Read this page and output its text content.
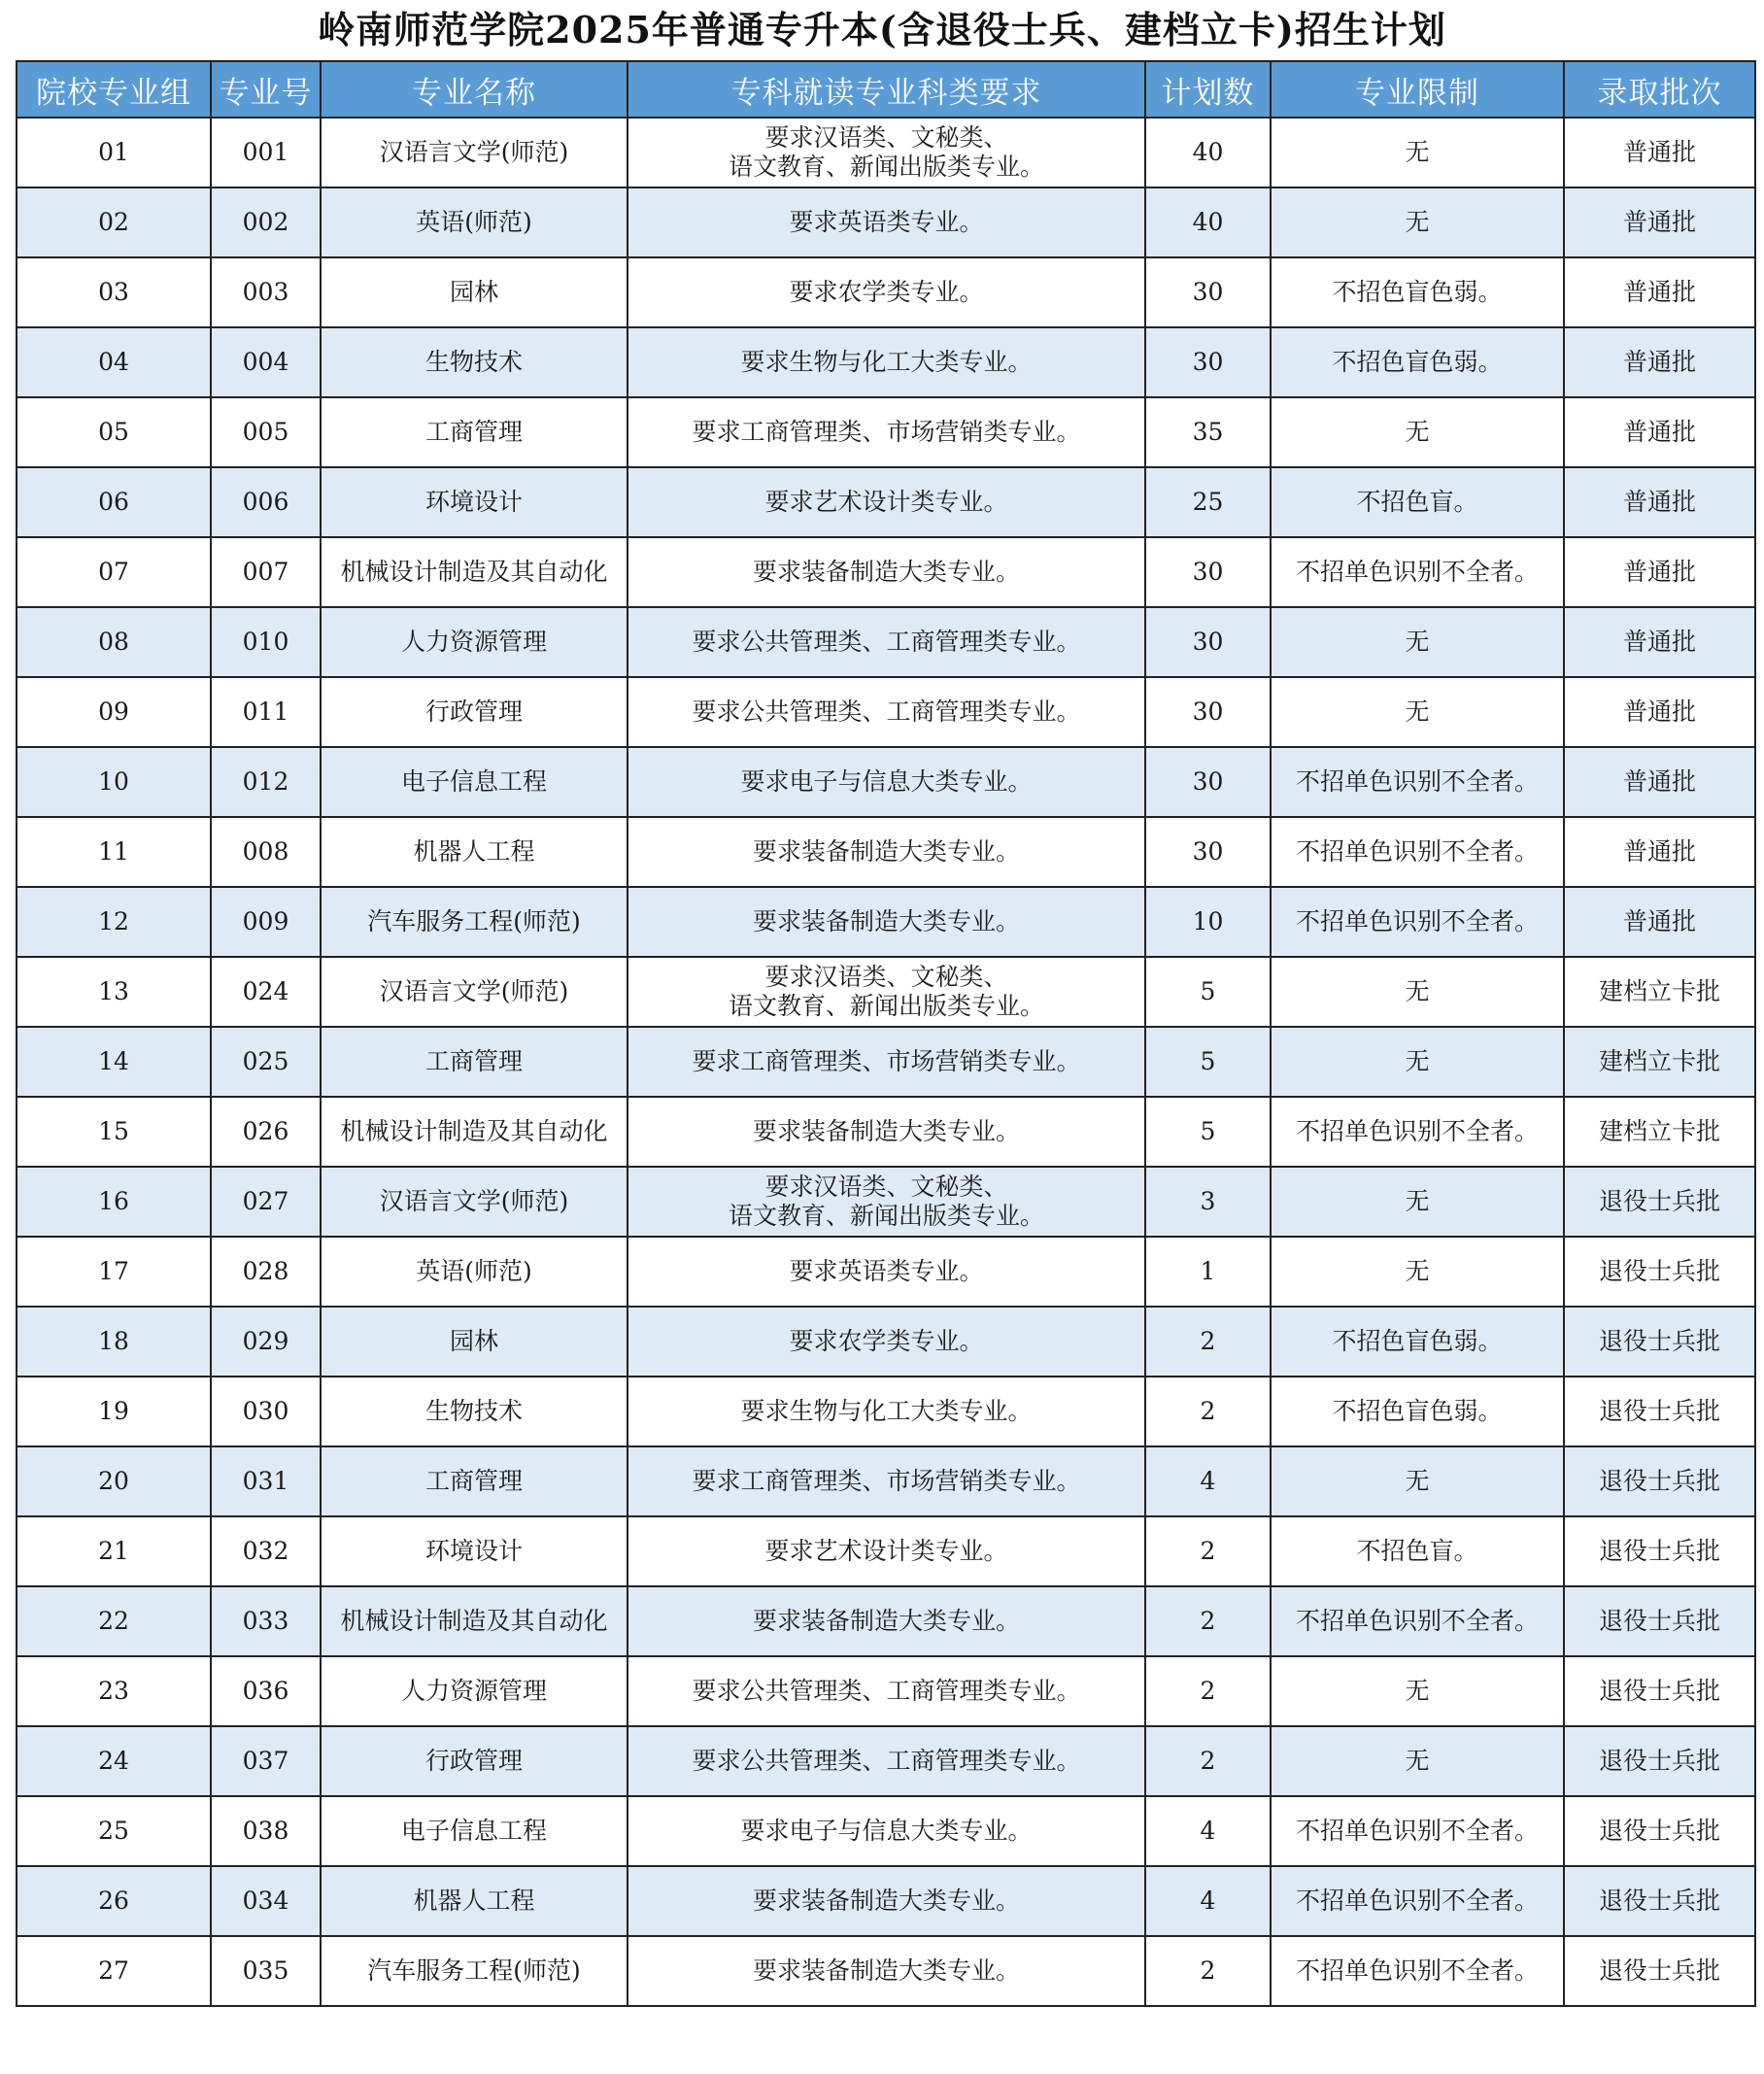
岭南师范学院2025年普通专升本(含退役士兵、建档立卡)招生计划
院校专业组	专业号	专业名称	专科就读专业科类要求	计划数	专业限制	录取批次
01	001	汉语言文学(师范)	要求汉语类、文秘类、
语文教育、新闻出版类专业。	40	无	普通批
02	002	英语(师范)	要求英语类专业。	40	无	普通批
03	003	园林	要求农学类专业。	30	不招色盲色弱。	普通批
04	004	生物技术	要求生物与化工大类专业。	30	不招色盲色弱。	普通批
05	005	工商管理	要求工商管理类、市场营销类专业。	35	无	普通批
06	006	环境设计	要求艺术设计类专业。	25	不招色盲。	普通批
07	007	机械设计制造及其自动化	要求装备制造大类专业。	30	不招单色识别不全者。	普通批
08	010	人力资源管理	要求公共管理类、工商管理类专业。	30	无	普通批
09	011	行政管理	要求公共管理类、工商管理类专业。	30	无	普通批
10	012	电子信息工程	要求电子与信息大类专业。	30	不招单色识别不全者。	普通批
11	008	机器人工程	要求装备制造大类专业。	30	不招单色识别不全者。	普通批
12	009	汽车服务工程(师范)	要求装备制造大类专业。	10	不招单色识别不全者。	普通批
13	024	汉语言文学(师范)	要求汉语类、文秘类、
语文教育、新闻出版类专业。	5	无	建档立卡批
14	025	工商管理	要求工商管理类、市场营销类专业。	5	无	建档立卡批
15	026	机械设计制造及其自动化	要求装备制造大类专业。	5	不招单色识别不全者。	建档立卡批
16	027	汉语言文学(师范)	要求汉语类、文秘类、
语文教育、新闻出版类专业。	3	无	退役士兵批
17	028	英语(师范)	要求英语类专业。	1	无	退役士兵批
18	029	园林	要求农学类专业。	2	不招色盲色弱。	退役士兵批
19	030	生物技术	要求生物与化工大类专业。	2	不招色盲色弱。	退役士兵批
20	031	工商管理	要求工商管理类、市场营销类专业。	4	无	退役士兵批
21	032	环境设计	要求艺术设计类专业。	2	不招色盲。	退役士兵批
22	033	机械设计制造及其自动化	要求装备制造大类专业。	2	不招单色识别不全者。	退役士兵批
23	036	人力资源管理	要求公共管理类、工商管理类专业。	2	无	退役士兵批
24	037	行政管理	要求公共管理类、工商管理类专业。	2	无	退役士兵批
25	038	电子信息工程	要求电子与信息大类专业。	4	不招单色识别不全者。	退役士兵批
26	034	机器人工程	要求装备制造大类专业。	4	不招单色识别不全者。	退役士兵批
27	035	汽车服务工程(师范)	要求装备制造大类专业。	2	不招单色识别不全者。	退役士兵批
